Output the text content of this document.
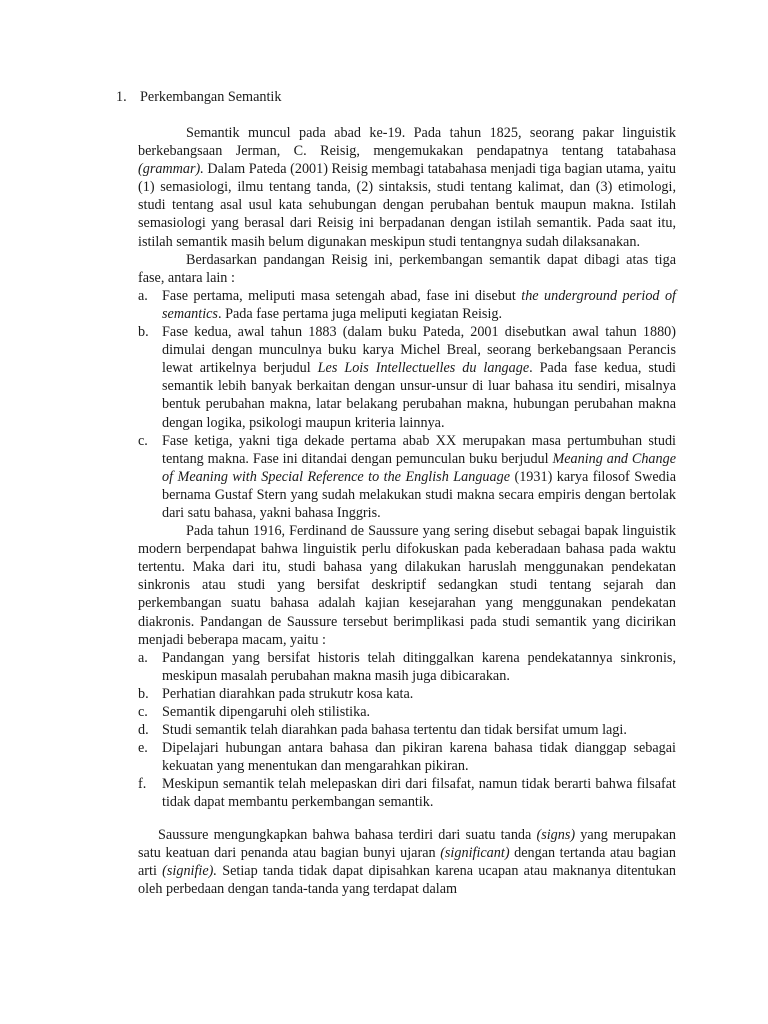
1. Perkembangan Semantik

Semantik muncul pada abad ke-19. Pada tahun 1825, seorang pakar linguistik berkebangsaan Jerman, C. Reisig, mengemukakan pendapatnya tentang tatabahasa (grammar). Dalam Pateda (2001) Reisig membagi tatabahasa menjadi tiga bagian utama, yaitu (1) semasiologi, ilmu tentang tanda, (2) sintaksis, studi tentang kalimat, dan (3) etimologi, studi tentang asal usul kata sehubungan dengan perubahan bentuk maupun makna. Istilah semasiologi yang berasal dari Reisig ini berpadanan dengan istilah semantik. Pada saat itu, istilah semantik masih belum digunakan meskipun studi tentangnya sudah dilaksanakan.

Berdasarkan pandangan Reisig ini, perkembangan semantik dapat dibagi atas tiga fase, antara lain :

a. Fase pertama, meliputi masa setengah abad, fase ini disebut the underground period of semantics. Pada fase pertama juga meliputi kegiatan Reisig.
b. Fase kedua, awal tahun 1883 (dalam buku Pateda, 2001 disebutkan awal tahun 1880) dimulai dengan munculnya buku karya Michel Breal, seorang berkebangsaan Perancis lewat artikelnya berjudul Les Lois Intellectuelles du langage. Pada fase kedua, studi semantik lebih banyak berkaitan dengan unsur-unsur di luar bahasa itu sendiri, misalnya bentuk perubahan makna, latar belakang perubahan makna, hubungan perubahan makna dengan logika, psikologi maupun kriteria lainnya.
c. Fase ketiga, yakni tiga dekade pertama abab XX merupakan masa pertumbuhan studi tentang makna. Fase ini ditandai dengan pemunculan buku berjudul Meaning and Change of Meaning with Special Reference to the English Language (1931) karya filosof Swedia bernama Gustaf Stern yang sudah melakukan studi makna secara empiris dengan bertolak dari satu bahasa, yakni bahasa Inggris.

Pada tahun 1916, Ferdinand de Saussure yang sering disebut sebagai bapak linguistik modern berpendapat bahwa linguistik perlu difokuskan pada keberadaan bahasa pada waktu tertentu. Maka dari itu, studi bahasa yang dilakukan haruslah menggunakan pendekatan sinkronis atau studi yang bersifat deskriptif sedangkan studi tentang sejarah dan perkembangan suatu bahasa adalah kajian kesejarahan yang menggunakan pendekatan diakronis. Pandangan de Saussure tersebut berimplikasi pada studi semantik yang dicirikan menjadi beberapa macam, yaitu :

a. Pandangan yang bersifat historis telah ditinggalkan karena pendekatannya sinkronis, meskipun masalah perubahan makna masih juga dibicarakan.
b. Perhatian diarahkan pada strukutr kosa kata.
c. Semantik dipengaruhi oleh stilistika.
d. Studi semantik telah diarahkan pada bahasa tertentu dan tidak bersifat umum lagi.
e. Dipelajari hubungan antara bahasa dan pikiran karena bahasa tidak dianggap sebagai kekuatan yang menentukan dan mengarahkan pikiran.
f. Meskipun semantik telah melepaskan diri dari filsafat, namun tidak berarti bahwa filsafat tidak dapat membantu perkembangan semantik.

Saussure mengungkapkan bahwa bahasa terdiri dari suatu tanda (signs) yang merupakan satu keatuan dari penanda atau bagian bunyi ujaran (significant) dengan tertanda atau bagian arti (signifie). Setiap tanda tidak dapat dipisahkan karena ucapan atau maknanya ditentukan oleh perbedaan dengan tanda-tanda yang terdapat dalam
